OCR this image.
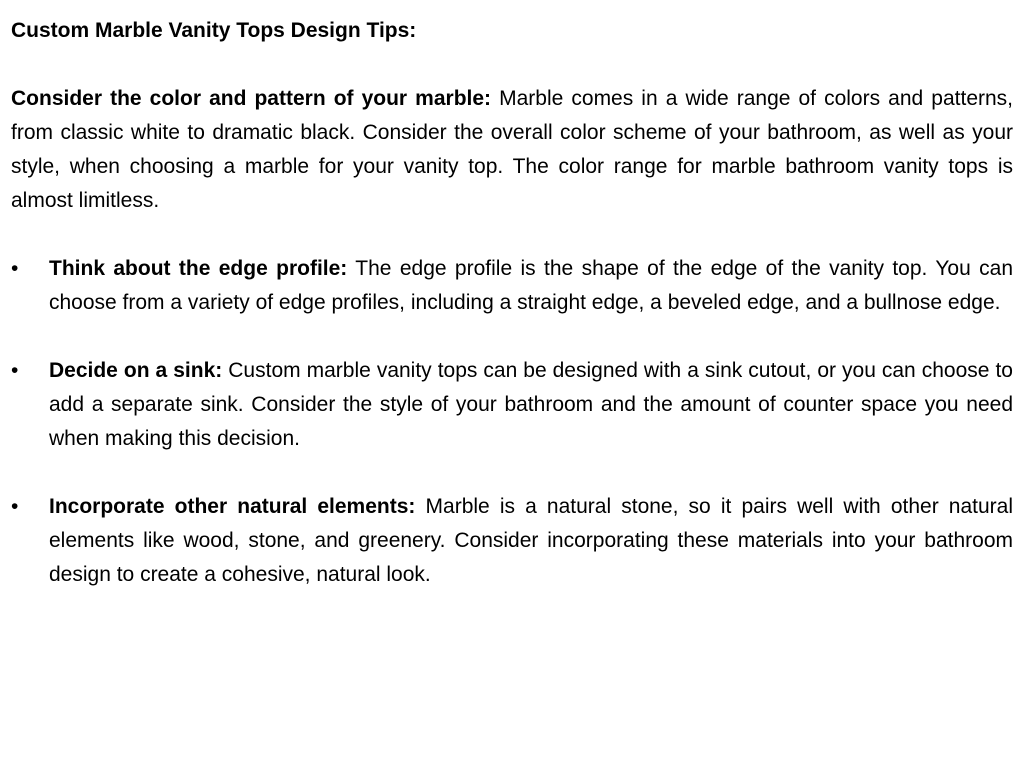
Custom Marble Vanity Tops Design Tips:

Consider the color and pattern of your marble: Marble comes in a wide range of colors and patterns, from classic white to dramatic black. Consider the overall color scheme of your bathroom, as well as your style, when choosing a marble for your vanity top. The color range for marble bathroom vanity tops is almost limitless.

•	Think about the edge profile: The edge profile is the shape of the edge of the vanity top. You can choose from a variety of edge profiles, including a straight edge, a beveled edge, and a bullnose edge.
•	Decide on a sink: Custom marble vanity tops can be designed with a sink cutout, or you can choose to add a separate sink. Consider the style of your bathroom and the amount of counter space you need when making this decision.
•	Incorporate other natural elements: Marble is a natural stone, so it pairs well with other natural elements like wood, stone, and greenery. Consider incorporating these materials into your bathroom design to create a cohesive, natural look.
